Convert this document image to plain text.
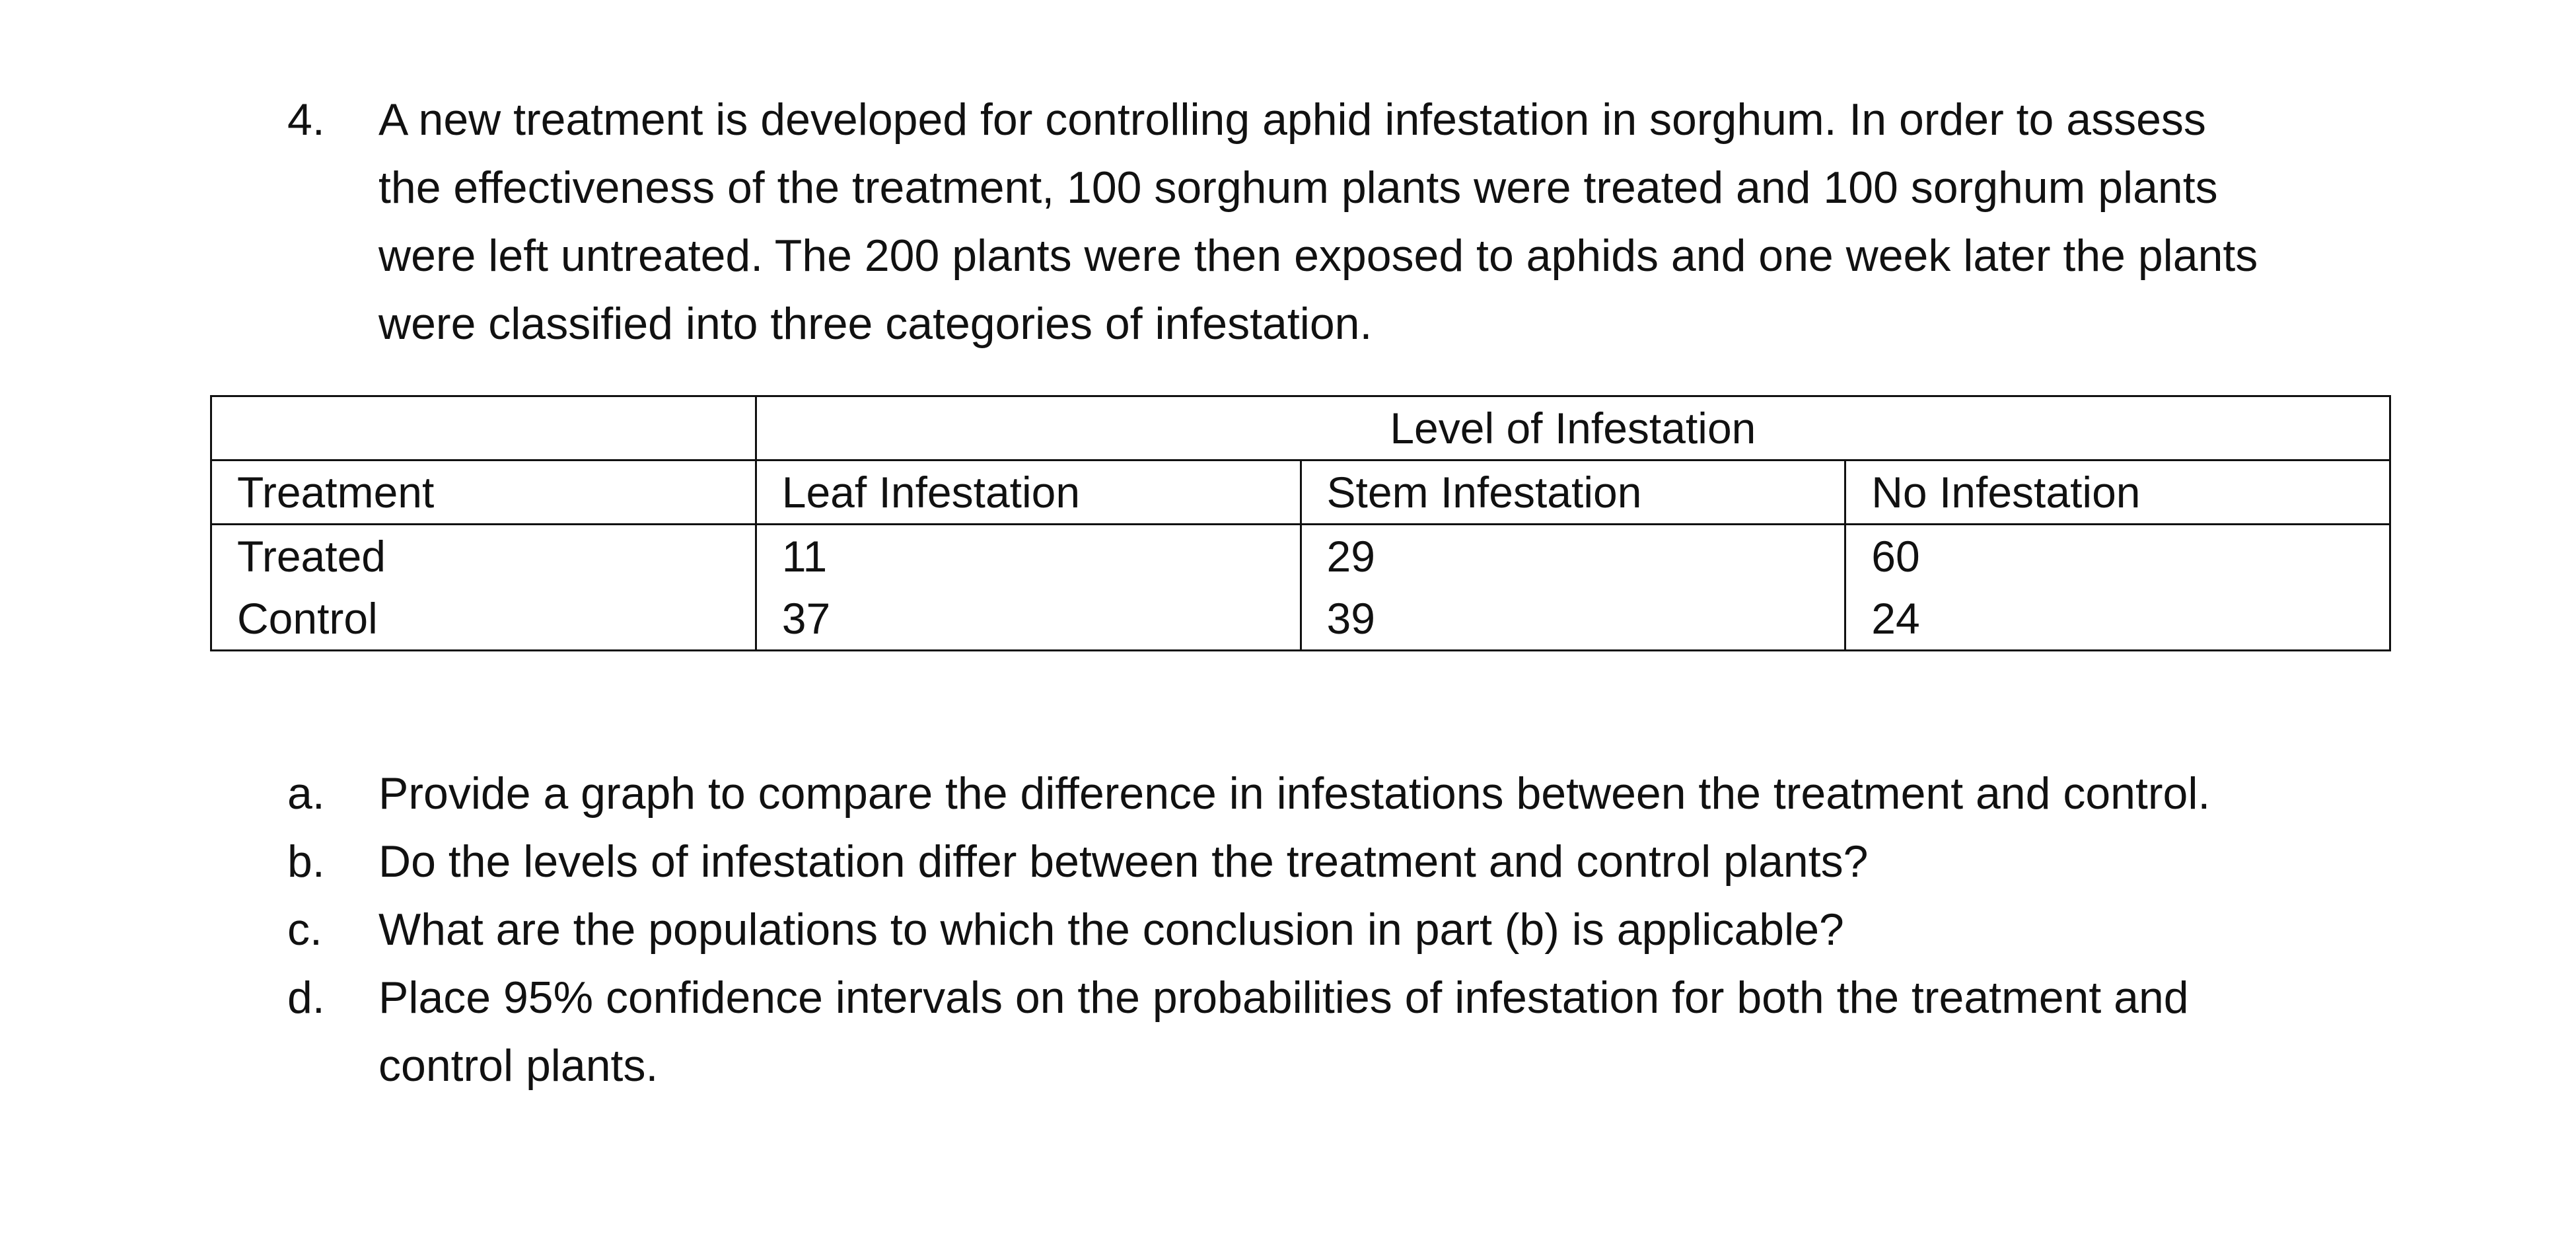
4.	A new treatment is developed for controlling aphid infestation in sorghum. In order to assess
the effectiveness of the treatment, 100 sorghum plants were treated and 100 sorghum plants
were left untreated. The 200 plants were then exposed to aphids and one week later the plants
were classified into three categories of infestation.
	Level of Infestation		
Treatment	Leaf Infestation	Stem Infestation	No Infestation
Treated	11	29	60
Control	37	39	24
a.	Provide a graph to compare the difference in infestations between the treatment and control.
b.	Do the levels of infestation differ between the treatment and control plants?
c.	What are the populations to which the conclusion in part (b) is applicable?
d.	Place 95% confidence intervals on the probabilities of infestation for both the treatment and
control plants.
